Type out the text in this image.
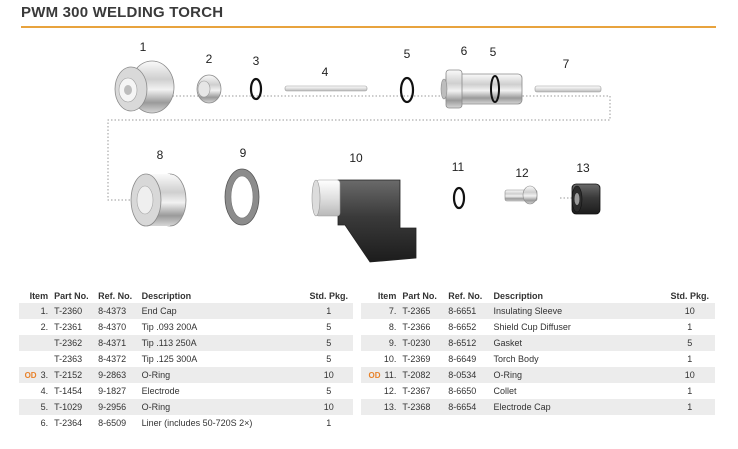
PWM 300 WELDING TORCH
1
2	3
4
5	6 5
7
8	9	10
11	12	13
Item	Part No.	Ref. No.	Description	Std. Pkg.
1.	T-2360	8-4373	End Cap	1
2.	T-2361	8-4370	Tip .093 200A	5
	T-2362	8-4371	Tip .113 250A	5
	T-2363	8-4372	Tip .125 300A	5
OD 3.	T-2152	9-2863	O-Ring	10
4.	T-1454	9-1827	Electrode	5
5.	T-1029	9-2956	O-Ring	10
6.	T-2364	8-6509	Liner (includes 50-720S 2×)	1
Item	Part No.	Ref. No.	Description	Std. Pkg.
7.	T-2365	8-6651	Insulating Sleeve	10
8.	T-2366	8-6652	Shield Cup Diffuser	1
9.	T-0230	8-6512	Gasket	5
10.	T-2369	8-6649	Torch Body	1
OD 11.	T-2082	8-0534	O-Ring	10
12.	T-2367	8-6650	Collet	1
13.	T-2368	8-6654	Electrode Cap	1
